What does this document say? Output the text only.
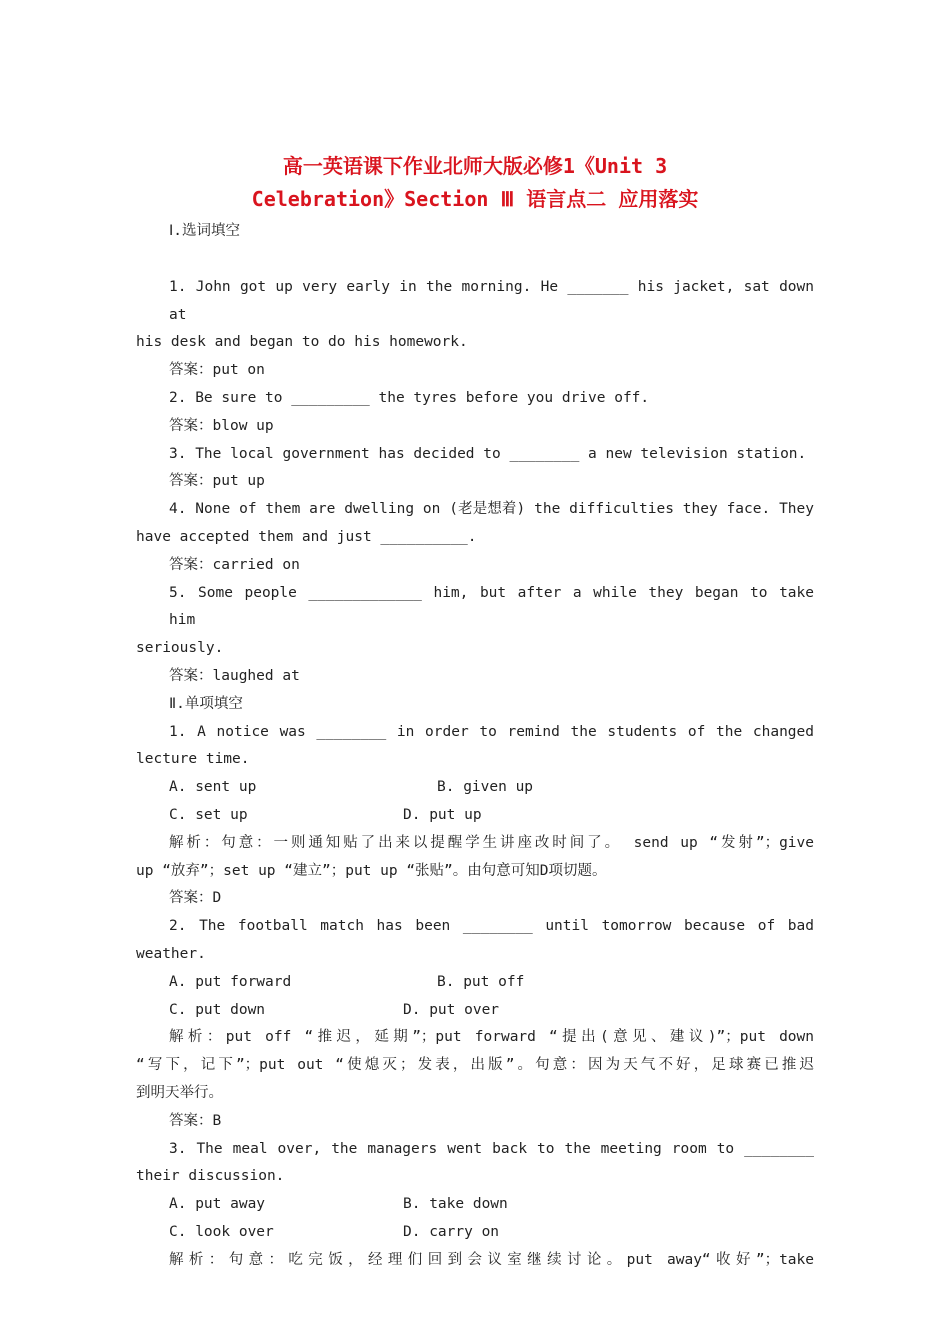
高一英语课下作业北师大版必修1《Unit 3

Celebration》Section Ⅲ 语言点二 应用落实

Ⅰ.选词填空

1. John got up very early in the morning. He _______ his jacket, sat down at

his desk and began to do his homework.

答案：put on

2. Be sure to _________ the tyres before you drive off.

答案：blow up

3. The local government has decided to ________ a new television station.

答案：put up

4. None of them are dwelling on (老是想着) the difficulties they face. They

have accepted them and just __________.

答案：carried on

5. Some people _____________ him, but after a while they began to take him

seriously.

答案：laughed at

Ⅱ.单项填空

1. A notice was ________ in order to remind the students of the changed

lecture time.

A. sent up	B. given up
C. set up	D. put up

解析：句意：一则通知贴了出来以提醒学生讲座改时间了。 send up “发射”；give

up “放弃”；set up “建立”；put up “张贴”。由句意可知D项切题。

答案：D

2. The football match has been ________ until tomorrow because of bad

weather.

A. put forward	B. put off
C. put down	D. put over

解析：put off “推迟，延期”；put forward “提出(意见、建议)”；put down

“写下，记下”；put out “使熄灭；发表，出版”。句意：因为天气不好，足球赛已推迟

到明天举行。

答案：B

3. The meal over, the managers went back to the meeting room to ________

their discussion.

A. put away	B. take down
C. look over	D. carry on

解析：句意：吃完饭，经理们回到会议室继续讨论。put away“收好”；take
